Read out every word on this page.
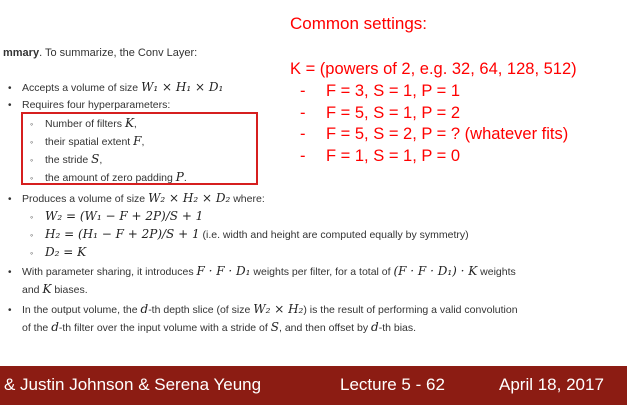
Common settings:
K = (powers of 2, e.g. 32, 64, 128, 512)
- F = 3, S = 1, P = 1
- F = 5, S = 1, P = 2
- F = 5, S = 2, P = ? (whatever fits)
- F = 1, S = 1, P = 0
mmary. To summarize, the Conv Layer:
• Accepts a volume of size W₁ × H₁ × D₁
• Requires four hyperparameters:
◦ Number of filters K,
◦ their spatial extent F,
◦ the stride S,
◦ the amount of zero padding P.
• Produces a volume of size W₂ × H₂ × D₂ where:
◦ W₂ = (W₁ − F + 2P)/S + 1
◦ H₂ = (H₁ − F + 2P)/S + 1 (i.e. width and height are computed equally by symmetry)
◦ D₂ = K
• With parameter sharing, it introduces F · F · D₁ weights per filter, for a total of (F · F · D₁) · K weights
and K biases.
• In the output volume, the d-th depth slice (of size W₂ × H₂) is the result of performing a valid convolution
of the d-th filter over the input volume with a stride of S, and then offset by d-th bias.
& Justin Johnson & Serena Yeung	Lecture 5 - 62	April 18, 2017
